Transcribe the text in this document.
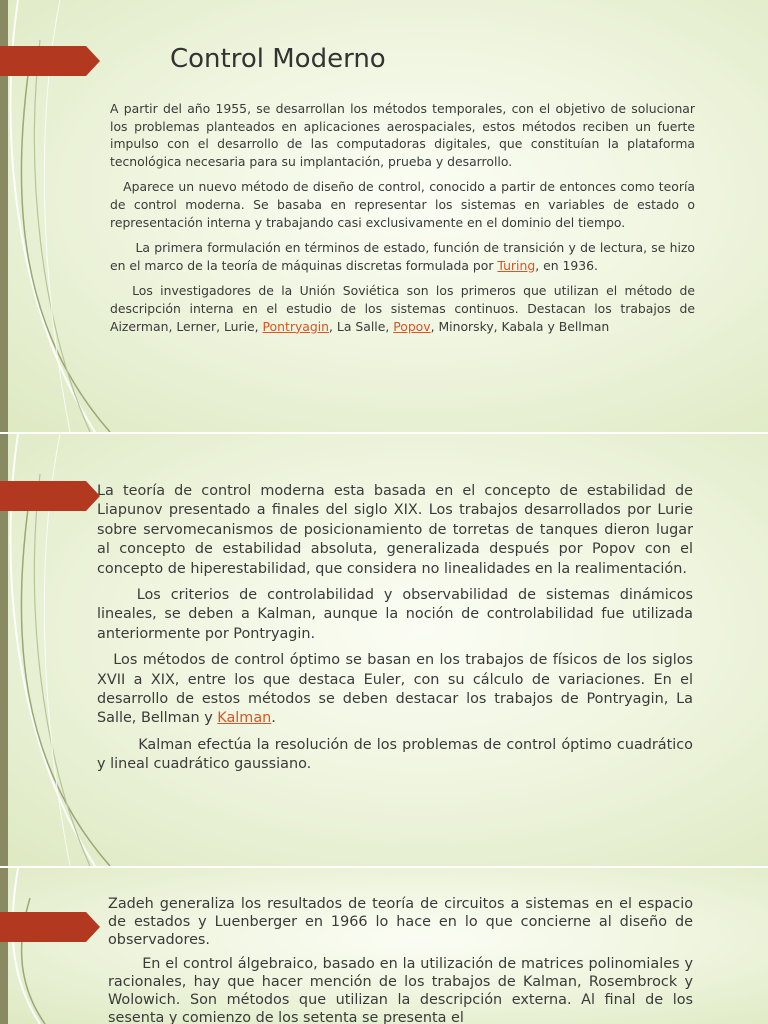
Control Moderno

A partir del año 1955, se desarrollan los métodos temporales, con el objetivo de solucionar los problemas planteados en aplicaciones aerospaciales, estos métodos reciben un fuerte impulso con el desarrollo de las computadoras digitales, que constituían la plataforma tecnológica necesaria para su implantación, prueba y desarrollo.

Aparece un nuevo método de diseño de control, conocido a partir de entonces como teoría de control moderna. Se basaba en representar los sistemas en variables de estado o representación interna y trabajando casi exclusivamente en el dominio del tiempo.

La primera formulación en términos de estado, función de transición y de lectura, se hizo en el marco de la teoría de máquinas discretas formulada por Turing, en 1936.

Los investigadores de la Unión Soviética son los primeros que utilizan el método de descripción interna en el estudio de los sistemas continuos. Destacan los trabajos de Aizerman, Lerner, Lurie, Pontryagin, La Salle, Popov, Minorsky, Kabala y Bellman

La teoría de control moderna esta basada en el concepto de estabilidad de Liapunov presentado a finales del siglo XIX. Los trabajos desarrollados por Lurie sobre servomecanismos de posicionamiento de torretas de tanques dieron lugar al concepto de estabilidad absoluta, generalizada después por Popov con el concepto de hiperestabilidad, que considera no linealidades en la realimentación.

Los criterios de controlabilidad y observabilidad de sistemas dinámicos lineales, se deben a Kalman, aunque la noción de controlabilidad fue utilizada anteriormente por Pontryagin.

Los métodos de control óptimo se basan en los trabajos de físicos de los siglos XVII a XIX, entre los que destaca Euler, con su cálculo de variaciones. En el desarrollo de estos métodos se deben destacar los trabajos de Pontryagin, La Salle, Bellman y Kalman.

Kalman efectúa la resolución de los problemas de control óptimo cuadrático y lineal cuadrático gaussiano.

Zadeh generaliza los resultados de teoría de circuitos a sistemas en el espacio de estados y Luenberger en 1966 lo hace en lo que concierne al diseño de observadores.

En el control álgebraico, basado en la utilización de matrices polinomiales y racionales, hay que hacer mención de los trabajos de Kalman, Rosembrock y Wolowich. Son métodos que utilizan la descripción externa. Al final de los sesenta y comienzo de los setenta se presenta el
